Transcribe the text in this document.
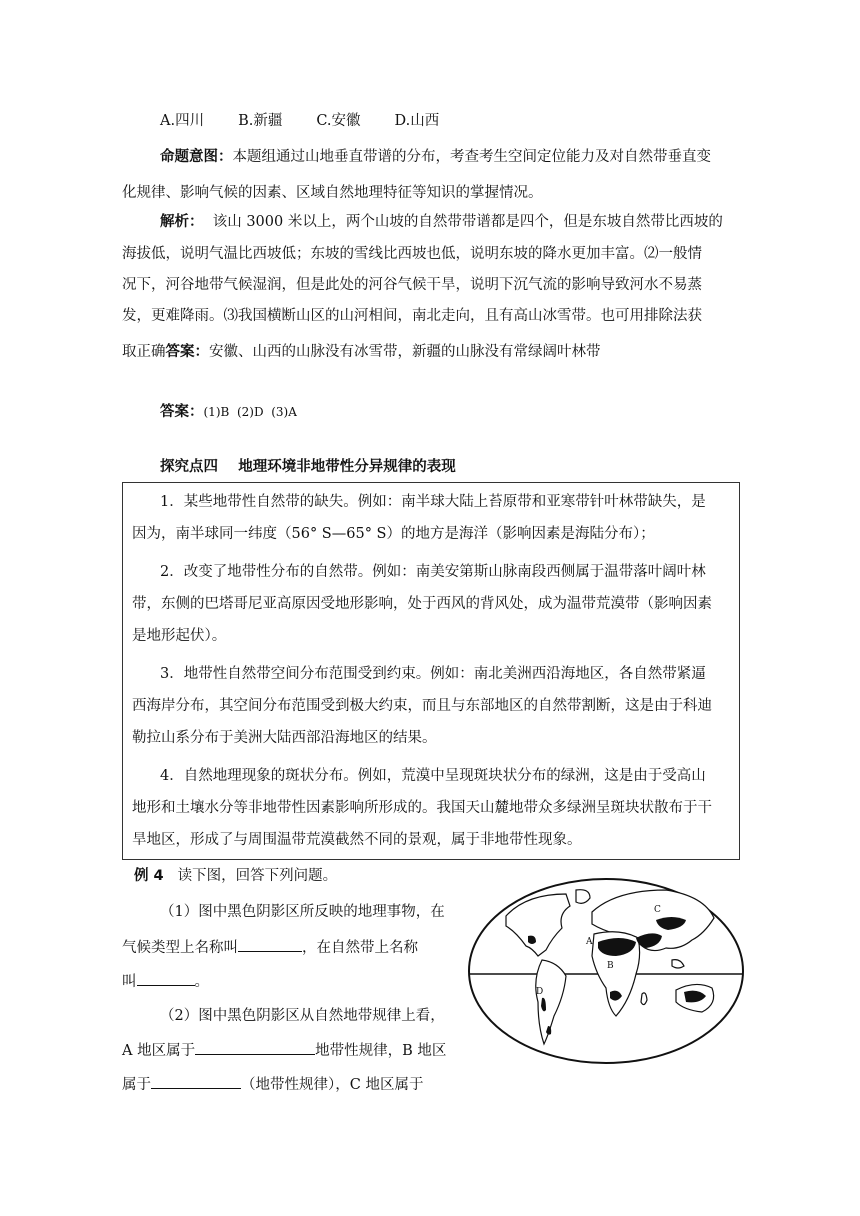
A.四川 B.新疆 C.安徽 D.山西
命题意图：本题组通过山地垂直带谱的分布，考查考生空间定位能力及对自然带垂直变
化规律、影响气候的因素、区域自然地理特征等知识的掌握情况。
解析：  该山 3000 米以上，两个山坡的自然带带谱都是四个，但是东坡自然带比西坡的
海拔低，说明气温比西坡低；东坡的雪线比西坡也低，说明东坡的降水更加丰富。⑵一般情
况下，河谷地带气候湿润，但是此处的河谷气候干旱，说明下沉气流的影响导致河水不易蒸
发，更难降雨。⑶我国横断山区的山河相间，南北走向，且有高山冰雪带。也可用排除法获
取正确答案：安徽、山西的山脉没有冰雪带，新疆的山脉没有常绿阔叶林带
答案：(1)B  (2)D  (3)A
探究点四    地理环境非地带性分异规律的表现
1．某些地带性自然带的缺失。例如：南半球大陆上苔原带和亚寒带针叶林带缺失，是
因为，南半球同一纬度（56° S—65° S）的地方是海洋（影响因素是海陆分布）；
2．改变了地带性分布的自然带。例如：南美安第斯山脉南段西侧属于温带落叶阔叶林
带，东侧的巴塔哥尼亚高原因受地形影响，处于西风的背风处，成为温带荒漠带（影响因素
是地形起伏）。
3．地带性自然带空间分布范围受到约束。例如：南北美洲西沿海地区，各自然带紧逼
西海岸分布，其空间分布范围受到极大约束，而且与东部地区的自然带割断，这是由于科迪
勒拉山系分布于美洲大陆西部沿海地区的结果。
4．自然地理现象的斑状分布。例如，荒漠中呈现斑块状分布的绿洲，这是由于受高山
地形和土壤水分等非地带性因素影响所形成的。我国天山麓地带众多绿洲呈斑块状散布于干
旱地区，形成了与周围温带荒漠截然不同的景观，属于非地带性现象。
例 4 读下图，回答下列问题。
（1）图中黑色阴影区所反映的地理事物，在
气候类型上名称叫	，在自然带上名称
叫	。
（2）图中黑色阴影区从自然地带规律上看，
A 地区属于	地带性规律，B 地区
属于	（地带性规律），C 地区属于
A
B
C
D
